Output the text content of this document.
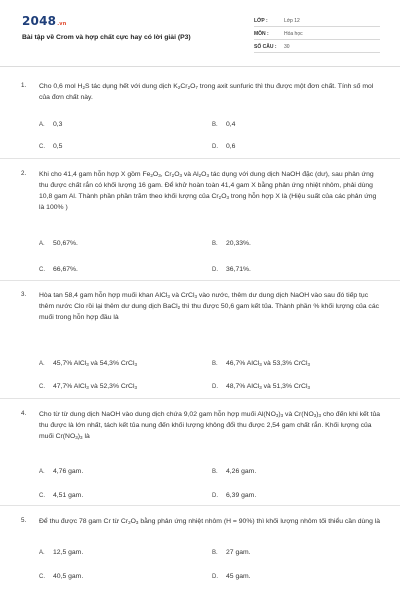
2048.vn
Bài tập về Crom và hợp chất cực hay có lời giải (P3)
LỚP :	Lớp 12
MÔN :	Hóa học
SỐ CÂU :	30
1. Cho 0,6 mol $H_2S$ tác dụng hết với dung dịch $K_2Cr_2O_7$ trong axit sunfuric thì thu được một đơn chất. Tính số mol của đơn chất này.
A. 0,3	B. 0,4
C. 0,5	D. 0,6
2. Khi cho 41,4 gam hỗn hợp X gồm $Fe_2O_3$, $Cr_2O_3$ và $Al_2O_3$ tác dụng với dung dịch NaOH đặc (dư), sau phản ứng thu được chất rắn có khối lượng 16 gam. Để khử hoàn toàn 41,4 gam X bằng phản ứng nhiệt nhôm, phải dùng 10,8 gam Al. Thành phần phần trăm theo khối lượng của $Cr_2O_3$ trong hỗn hợp X là (Hiệu suất của các phản ứng là 100% )
A. 50,67%.	B. 20,33%.
C. 66,67%.	D. 36,71%.
3. Hòa tan 58,4 gam hỗn hợp muối khan AlCl$_3$ và CrCl$_3$ vào nước, thêm dư dung dịch NaOH vào sau đó tiếp tục thêm nước Clo rồi lại thêm dư dung dịch BaCl$_2$ thì thu được 50,6 gam kết tủa. Thành phần % khối lượng của các muối trong hỗn hợp đầu là
A. 45,7% AlCl$_3$ và 54,3% CrCl$_3$	B. 46,7% AlCl$_3$ và 53,3% CrCl$_3$
C. 47,7% AlCl$_3$ và 52,3% CrCl$_3$	D. 48,7% AlCl$_3$ và 51,3% CrCl$_3$
4. Cho từ từ dung dịch NaOH vào dung dịch chứa 9,02 gam hỗn hợp muối $Al(NO_3)_3$ và $Cr(NO_3)_3$ cho đến khi kết tủa thu được là lớn nhất, tách kết tủa nung đến khối lượng không đổi thu được 2,54 gam chất rắn. Khối lượng của muối $Cr(NO_3)_3$ là
A. 4,76 gam.	B. 4,26 gam.
C. 4,51 gam.	D. 6,39 gam.
5. Để thu được 78 gam Cr từ $Cr_2O_3$ bằng phản ứng nhiệt nhôm (H = 90%) thì khối lượng nhôm tối thiểu cần dùng là
A. 12,5 gam.	B. 27 gam.
C. 40,5 gam.	D. 45 gam.
